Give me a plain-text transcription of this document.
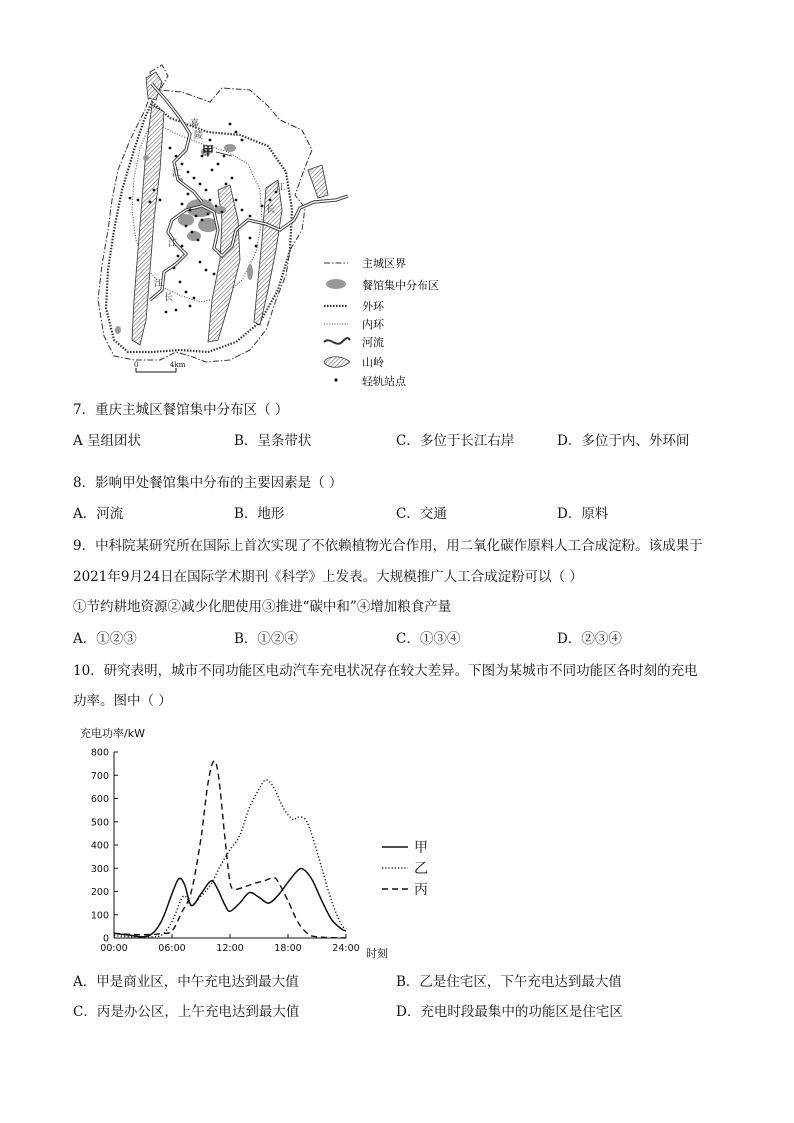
甲
嘉
陵
江
长
江
长
江
江
0	4km
主城区界
餐馆集中分布区
外环
内环
河流
山岭
轻轨站点
7．重庆主城区餐馆集中分布区（ ）
A 呈组团状	B．呈条带状	C．多位于长江右岸	D．多位于内、外环间
8．影响甲处餐馆集中分布的主要因素是（ ）
A．河流	B．地形	C．交通	D．原料
9．中科院某研究所在国际上首次实现了不依赖植物光合作用，用二氧化碳作原料人工合成淀粉。该成果于
2021年9月24日在国际学术期刊《科学》上发表。大规模推广人工合成淀粉可以（ ）
①节约耕地资源②减少化肥使用③推进“碳中和”④增加粮食产量
A．①②③	B．①②④	C．①③④	D．②③④
10．研究表明，城市不同功能区电动汽车充电状况存在较大差异。下图为某城市不同功能区各时刻的充电
功率。图中（ ）
充电功率/kW
时刻
0
100
200
300
400
500
600
700
800
00:00	06:00	12:00	18:00	24:00
甲
乙
丙
A．甲是商业区，中午充电达到最大值	B．乙是住宅区，下午充电达到最大值
C．丙是办公区，上午充电达到最大值	D．充电时段最集中的功能区是住宅区
